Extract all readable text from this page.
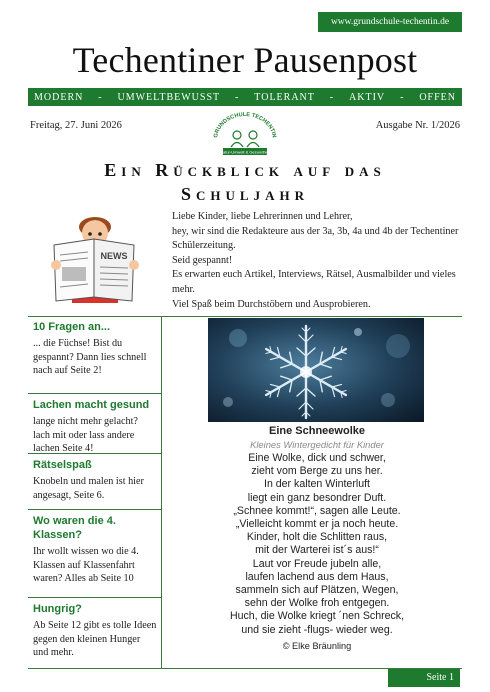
www.grundschule-techentin.de
Techentiner Pausenpost
MODERN - UMWELTBEWUSST - TOLERANT - AKTIV - OFFEN
Freitag, 27. Juni 2026	Ausgabe Nr. 1/2026
GRUNDSCHULE TECHENTIN
Natur-Umwelt & Gesundheit
Ein Rückblick auf das Schuljahr
NEWS

Liebe Kinder, liebe Lehrerinnen und Lehrer,

hey, wir sind die Redakteure aus der 3a, 3b, 4a und 4b der Techentiner Schülerzeitung.

Seid gespannt!

Es erwarten euch Artikel, Interviews, Rätsel, Ausmalbilder und vieles mehr.

Viel Spaß beim Durchstöbern und Ausprobieren.

10 Fragen an...
... die Füchse! Bist du gespannt? Dann lies schnell nach auf Seite 2!
Lachen macht gesund
lange nicht mehr gelacht? lach mit oder lass andere lachen Seite 4!
Rätselspaß
Knobeln und malen ist hier angesagt, Seite 6.
Wo waren die 4. Klassen?
Ihr wollt wissen wo die 4. Klassen auf Klassenfahrt waren? Alles ab Seite 10
Hungrig?
Ab Seite 12 gibt es tolle Ideen gegen den kleinen Hunger und mehr.
Eine Schneewolke
Kleines Wintergedicht für Kinder
Eine Wolke, dick und schwer,
zieht vom Berge zu uns her.
In der kalten Winterluft
liegt ein ganz besondrer Duft.
„Schnee kommt!“, sagen alle Leute.
„Vielleicht kommt er ja noch heute.
Kinder, holt die Schlitten raus,
mit der Warterei ist´s aus!“
Laut vor Freude jubeln alle,
laufen lachend aus dem Haus,
sammeln sich auf Plätzen, Wegen,
sehn der Wolke froh entgegen.
Huch, die Wolke kriegt ´nen Schreck,
und sie zieht -flugs- wieder weg.
© Elke Bräunling
Seite 1
